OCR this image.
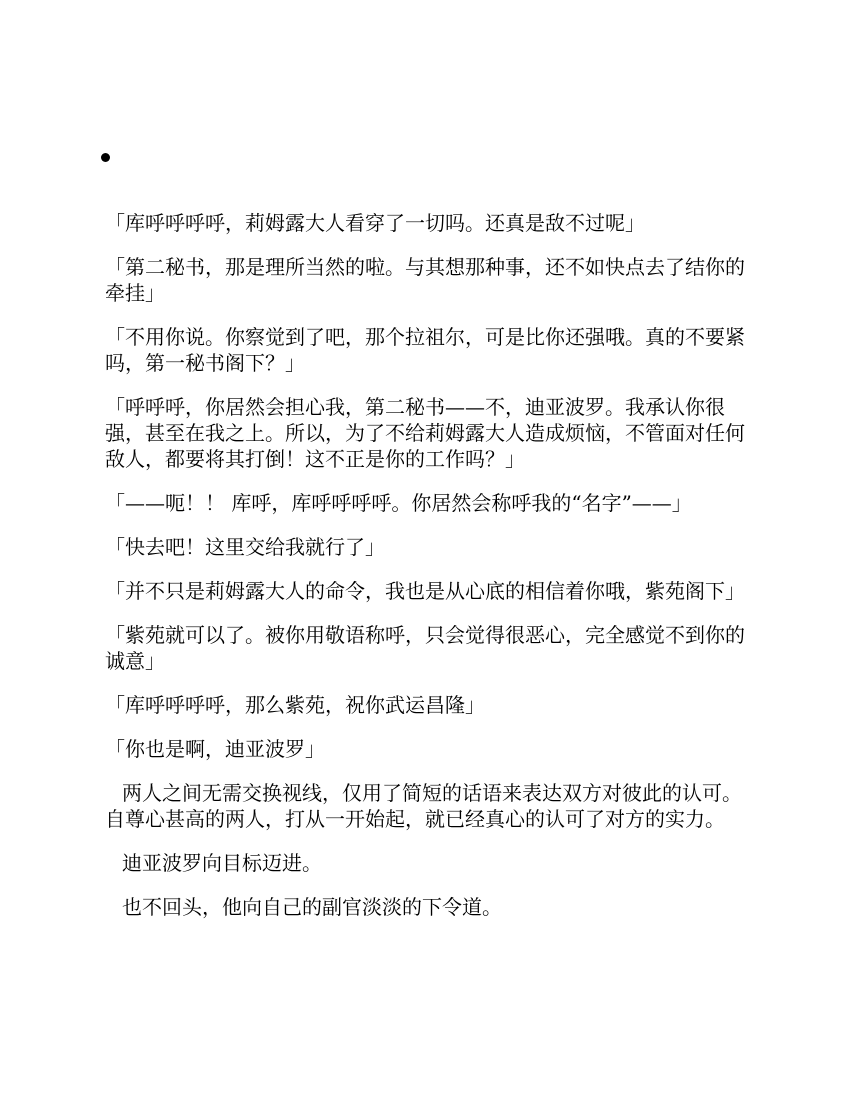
「库呼呼呼呼，莉姆露大人看穿了一切吗。还真是敌不过呢」

「第二秘书，那是理所当然的啦。与其想那种事，还不如快点去了结你的牵挂」

「不用你说。你察觉到了吧，那个拉祖尔，可是比你还强哦。真的不要紧吗，第一秘书阁下？」

「呼呼呼，你居然会担心我，第二秘书——不，迪亚波罗。我承认你很强，甚至在我之上。所以，为了不给莉姆露大人造成烦恼，不管面对任何敌人，都要将其打倒！这不正是你的工作吗？」

「——呃！！ 库呼，库呼呼呼呼。你居然会称呼我的“名字”——」

「快去吧！这里交给我就行了」

「并不只是莉姆露大人的命令，我也是从心底的相信着你哦，紫苑阁下」

「紫苑就可以了。被你用敬语称呼，只会觉得很恶心，完全感觉不到你的诚意」

「库呼呼呼呼，那么紫苑，祝你武运昌隆」

「你也是啊，迪亚波罗」

两人之间无需交换视线，仅用了简短的话语来表达双方对彼此的认可。自尊心甚高的两人，打从一开始起，就已经真心的认可了对方的实力。

迪亚波罗向目标迈进。

也不回头，他向自己的副官淡淡的下令道。
